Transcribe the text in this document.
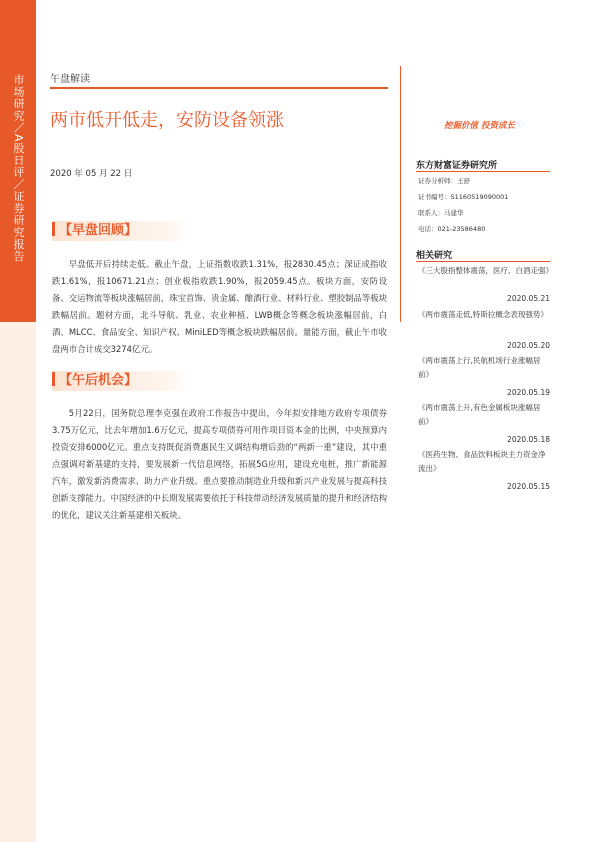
市场研究／A股日评／证券研究报告	午盘解读
两市低开低走，安防设备领涨
2020 年 05 月 22 日
挖掘价值 投资成长
【早盘回顾】

早盘低开后持续走低。截止午盘，上证指数收跌1.31%，报2830.45点；深证成指收跌1.61%，报10671.21点；创业板指收跌1.90%，报2059.45点。板块方面，安防设备、交运物流等板块涨幅居前，珠宝首饰、贵金属、酿酒行业、材料行业、塑胶制品等板块跌幅居前。题材方面，北斗导航、乳业、农业种植、LWB概念等概念板块涨幅居前，白酒、MLCC、食品安全、知识产权、MiniLED等概念板块跌幅居前。量能方面，截止午市收盘两市合计成交3274亿元。

【午后机会】

5月22日，国务院总理李克强在政府工作报告中提出，今年拟安排地方政府专项债券3.75万亿元，比去年增加1.6万亿元，提高专项债券可用作项目资本金的比例，中央预算内投资安排6000亿元。重点支持既促消费惠民生又调结构增后劲的“两新一重”建设，其中重点强调对新基建的支持，要发展新一代信息网络，拓展5G应用，建设充电桩，推广新能源汽车，激发新消费需求、助力产业升级。重点要推动制造业升级和新兴产业发展与提高科技创新支撑能力。中国经济的中长期发展需要依托于科技带动经济发展质量的提升和经济结构的优化，建议关注新基建相关板块。

东方财富证券研究所
证券分析师：王舒
证书编号：S1160519090001
联系人：马建华
电话：021-23586480
相关研究
《三大股指整体震荡，医疗、白酒走强》
2020.05.21
《两市震荡走低,特斯拉概念表现强势》
2020.05.20
《两市震荡上行,民航机场行业涨幅居前》
2020.05.19
《两市震荡上升,有色金属板块涨幅居前》
2020.05.18
《医药生物、食品饮料板块主力资金净流出》
2020.05.15
